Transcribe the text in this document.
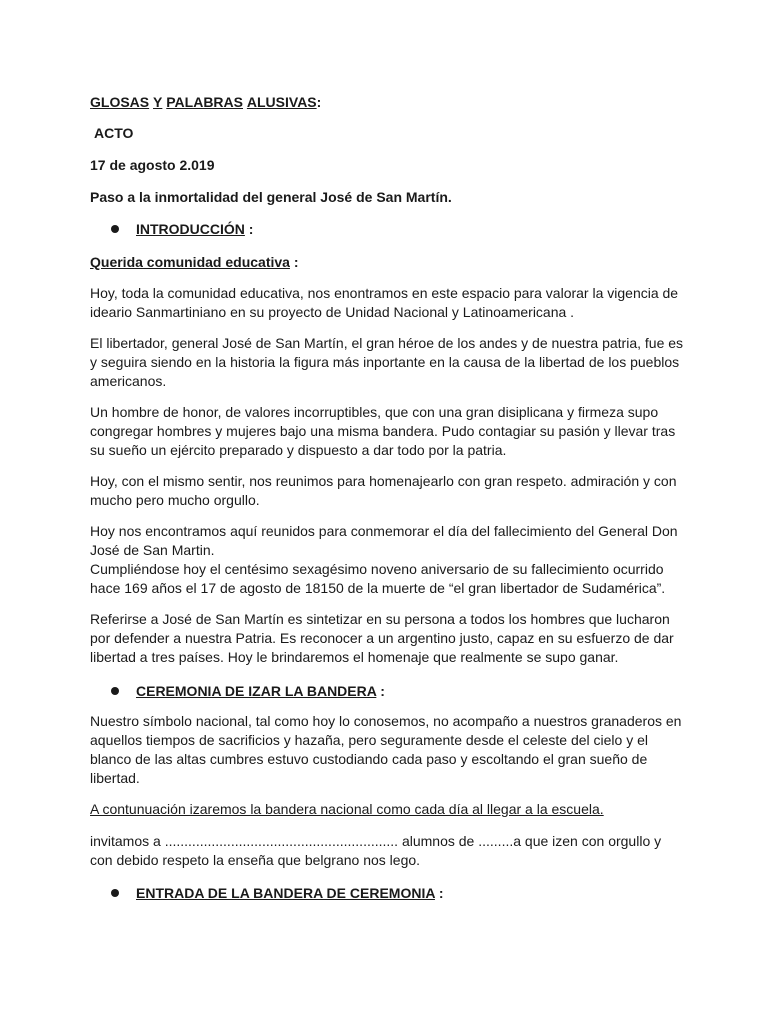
GLOSAS Y PALABRAS ALUSIVAS:

ACTO

17 de agosto 2.019

Paso a la inmortalidad del general José de San Martín.

INTRODUCCIÓN :

Querida comunidad educativa :

Hoy, toda la comunidad educativa, nos enontramos en este espacio para valorar la vigencia de
ideario Sanmartiniano en su proyecto de Unidad Nacional y Latinoamericana .

El libertador, general José de San Martín, el gran héroe de los andes y de nuestra patria, fue es
y seguira siendo en la historia la figura más inportante en la causa de la libertad de los pueblos
americanos.

Un hombre de honor, de valores incorruptibles, que con una gran disiplicana y firmeza supo
congregar hombres y mujeres bajo una misma bandera. Pudo contagiar su pasión y llevar tras
su sueño un ejército preparado y dispuesto a dar todo por la patria.

Hoy, con el mismo sentir, nos reunimos para homenajearlo con gran respeto. admiración y con
mucho pero mucho orgullo.

Hoy nos encontramos aquí reunidos para conmemorar el día del fallecimiento del General Don
José de San Martin.
Cumpliéndose hoy el centésimo sexagésimo noveno aniversario de su fallecimiento ocurrido
hace 169 años el 17 de agosto de 18150 de la muerte de “el gran libertador de Sudamérica”.

Referirse a José de San Martín es sintetizar en su persona a todos los hombres que lucharon
por defender a nuestra Patria. Es reconocer a un argentino justo, capaz en su esfuerzo de dar
libertad a tres países. Hoy le brindaremos el homenaje que realmente se supo ganar.

CEREMONIA DE IZAR LA BANDERA :

Nuestro símbolo nacional, tal como hoy lo conosemos, no acompaño a nuestros granaderos en
aquellos tiempos de sacrificios y hazaña, pero seguramente desde el celeste del cielo y el
blanco de las altas cumbres estuvo custodiando cada paso y escoltando el gran sueño de
libertad.

A contunuación izaremos la bandera nacional como cada día al llegar a la escuela.

invitamos a ............................................................ alumnos de .........a que izen con orgullo y
con debido respeto la enseña que belgrano nos lego.

ENTRADA DE LA BANDERA DE CEREMONIA :
